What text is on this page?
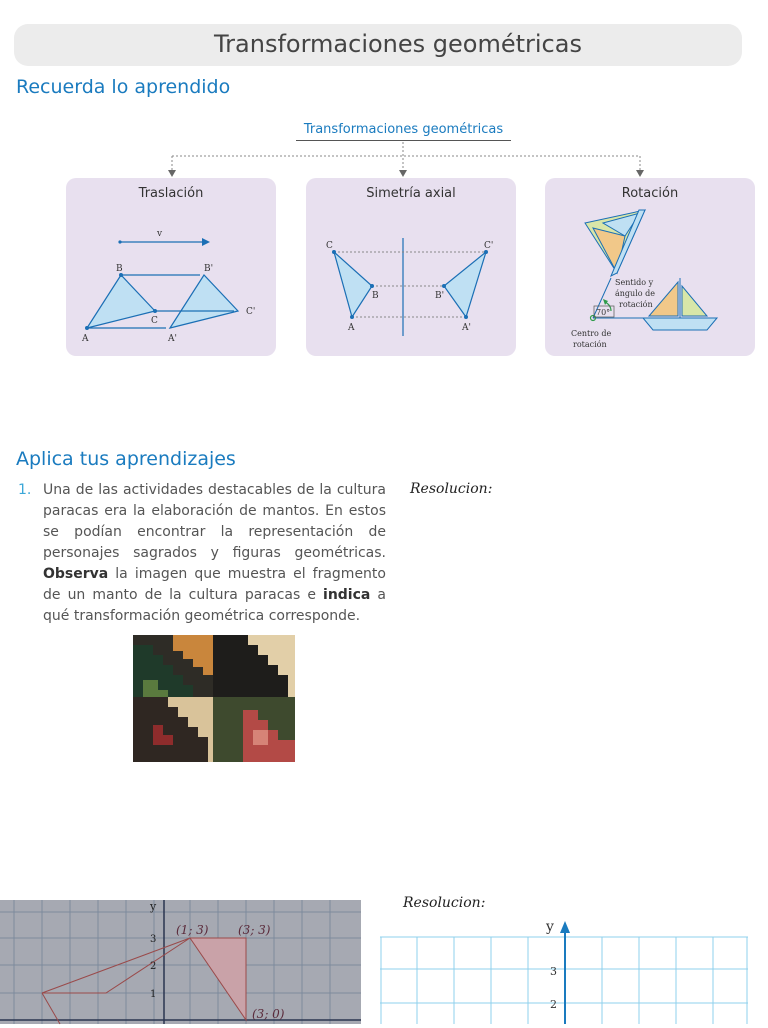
Transformaciones geométricas
Recuerda lo aprendido
Transformaciones geométricas
Traslación
v
A
B
C
A'
B'
C'
Simetría axial
C
B
A
C'
B'
A'
Rotación
Sentido y
ángulo de
rotación
70°
Centro de
rotación
Aplica tus aprendizajes
1. Una de las actividades destacables de la cultura paracas era la elaboración de mantos. En estos se podían encontrar la representación de personajes sagrados y figuras geométricas. Observa la imagen que muestra el fragmento de un manto de la cultura paracas e indica a qué transformación geométrica corresponde.
Resolucion:
y
(1; 3) (3; 3)
(3; 0)
3
2
1
Resolucion:
y
3
2
